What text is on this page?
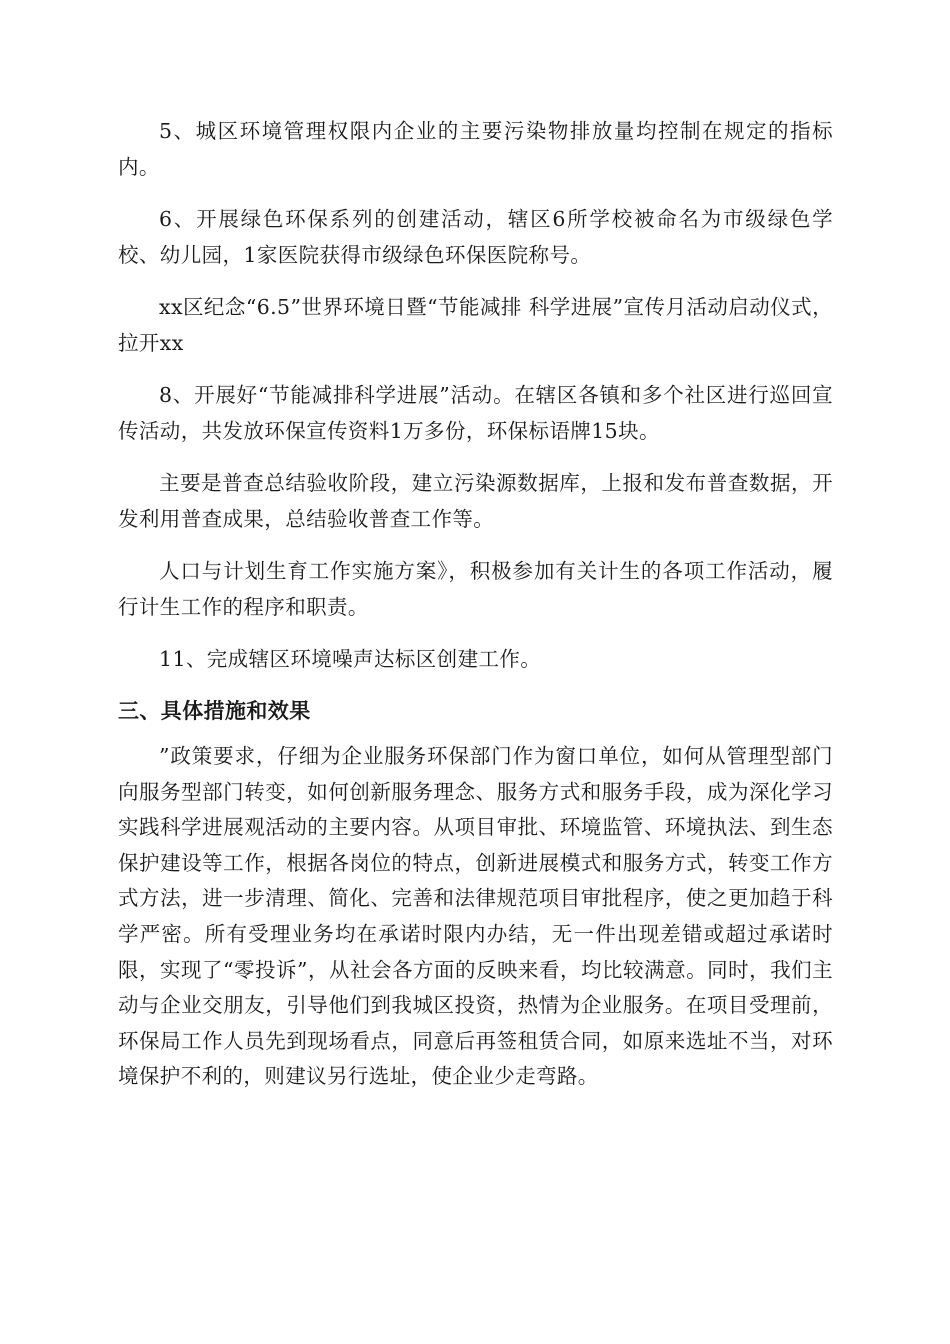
5、城区环境管理权限内企业的主要污染物排放量均控制在规定的指标内。

6、开展绿色环保系列的创建活动，辖区6所学校被命名为市级绿色学校、幼儿园，1家医院获得市级绿色环保医院称号。

xx区纪念“6.5”世界环境日暨“节能减排 科学进展”宣传月活动启动仪式，拉开xx

8、开展好“节能减排科学进展”活动。在辖区各镇和多个社区进行巡回宣传活动，共发放环保宣传资料1万多份，环保标语牌15块。

主要是普查总结验收阶段，建立污染源数据库，上报和发布普查数据，开发利用普查成果，总结验收普查工作等。

人口与计划生育工作实施方案》，积极参加有关计生的各项工作活动，履行计生工作的程序和职责。

11、完成辖区环境噪声达标区创建工作。

三、具体措施和效果

”政策要求，仔细为企业服务环保部门作为窗口单位，如何从管理型部门向服务型部门转变，如何创新服务理念、服务方式和服务手段，成为深化学习实践科学进展观活动的主要内容。从项目审批、环境监管、环境执法、到生态保护建设等工作，根据各岗位的特点，创新进展模式和服务方式，转变工作方式方法，进一步清理、简化、完善和法律规范项目审批程序，使之更加趋于科学严密。所有受理业务均在承诺时限内办结，无一件出现差错或超过承诺时限，实现了“零投诉”，从社会各方面的反映来看，均比较满意。同时，我们主动与企业交朋友，引导他们到我城区投资，热情为企业服务。在项目受理前，环保局工作人员先到现场看点，同意后再签租赁合同，如原来选址不当，对环境保护不利的，则建议另行选址，使企业少走弯路。
